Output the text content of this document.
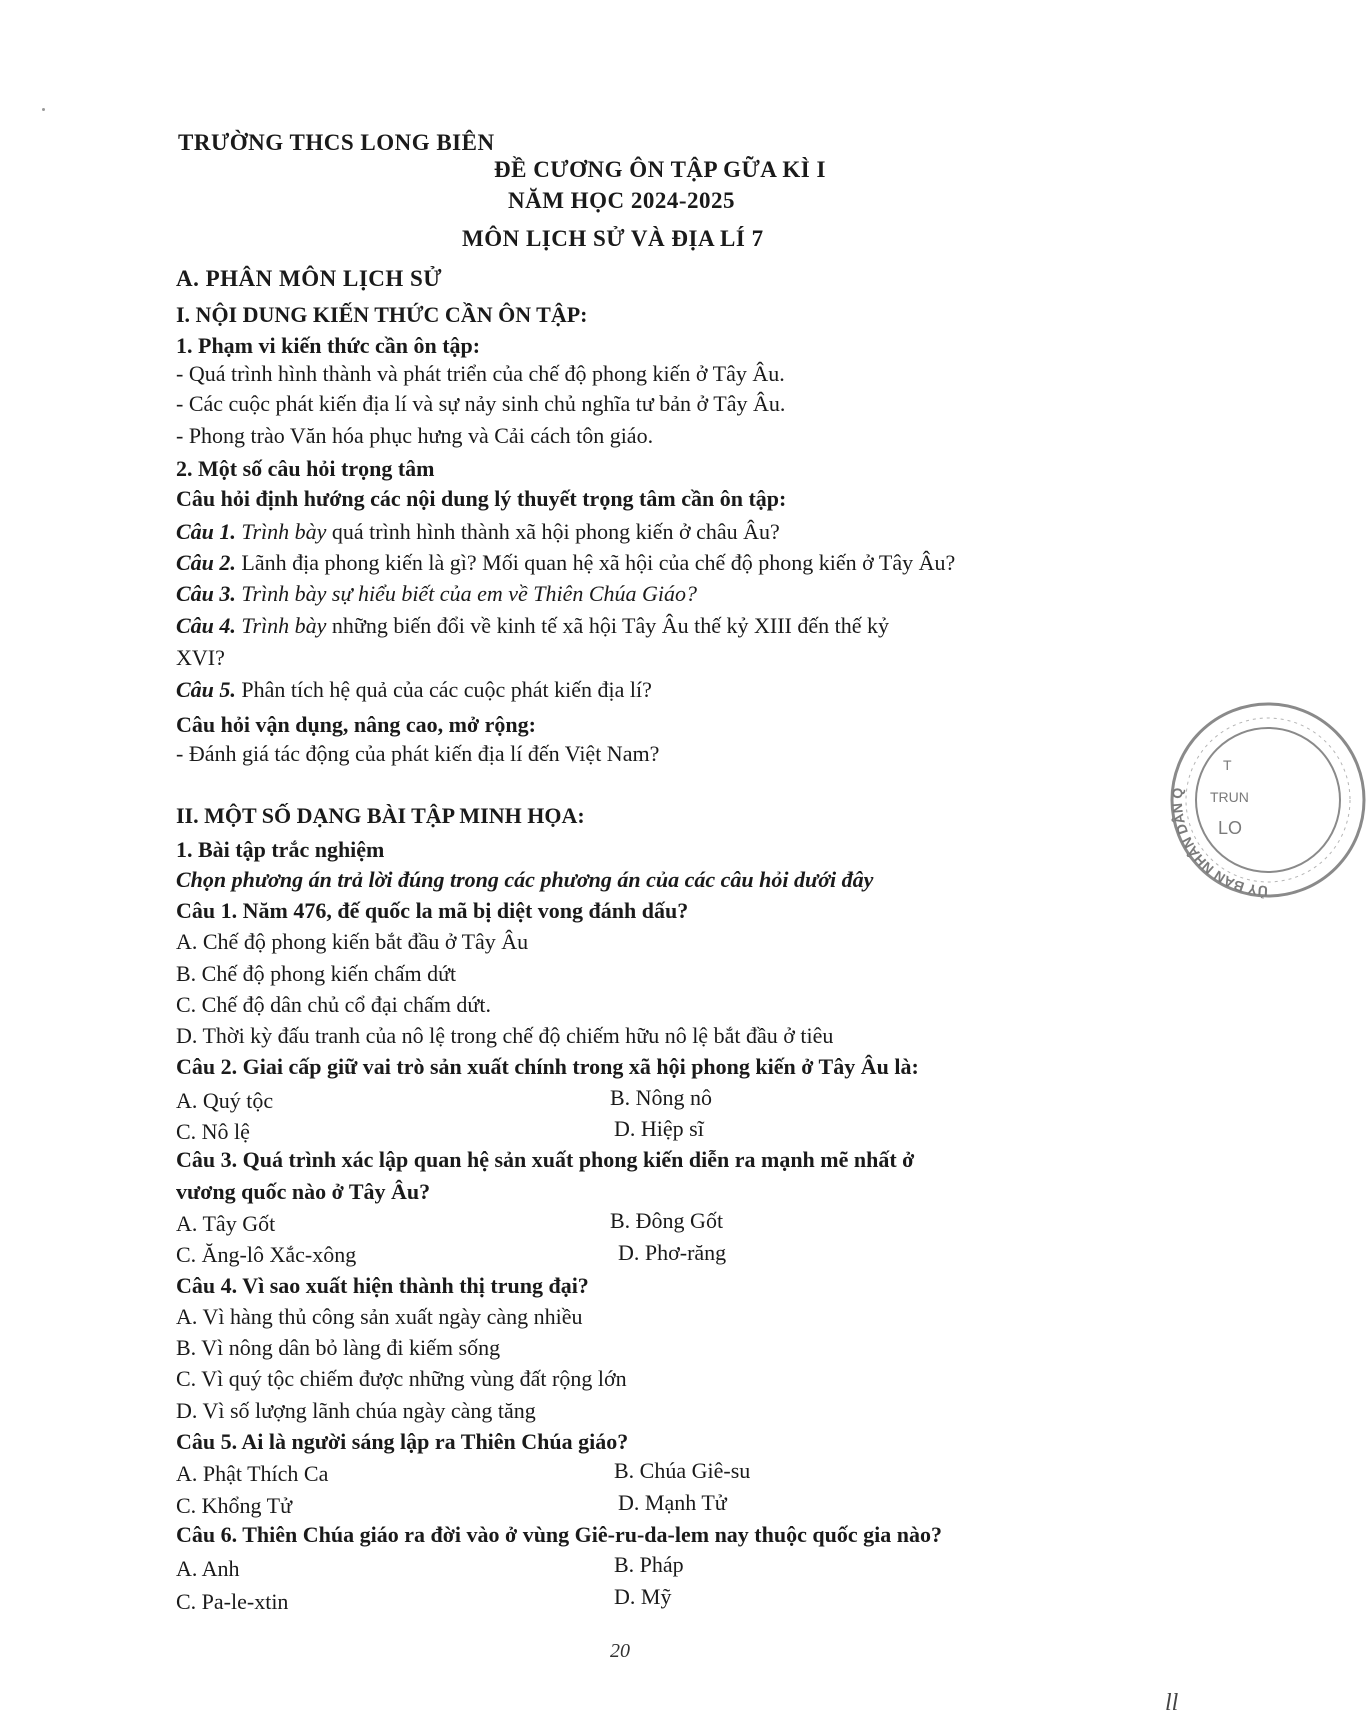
TRƯỜNG THCS LONG BIÊN
ĐỀ CƯƠNG ÔN TẬP GỮA KÌ I
NĂM HỌC 2024-2025
MÔN LỊCH SỬ VÀ ĐỊA LÍ 7
A. PHÂN MÔN LỊCH SỬ
I. NỘI DUNG KIẾN THỨC CẦN ÔN TẬP:
1. Phạm vi kiến thức cần ôn tập:
- Quá trình hình thành và phát triển của chế độ phong kiến ở Tây Âu.
- Các cuộc phát kiến địa lí và sự nảy sinh chủ nghĩa tư bản ở Tây Âu.
- Phong trào Văn hóa phục hưng và Cải cách tôn giáo.
2. Một số câu hỏi trọng tâm
Câu hỏi định hướng các nội dung lý thuyết trọng tâm cần ôn tập:
Câu 1. Trình bày quá trình hình thành xã hội phong kiến ở châu Âu?
Câu 2. Lãnh địa phong kiến là gì? Mối quan hệ xã hội của chế độ phong kiến ở Tây Âu?
Câu 3. Trình bày sự hiểu biết của em về Thiên Chúa Giáo?
Câu 4. Trình bày những biến đổi về kinh tế xã hội Tây Âu thế kỷ XIII đến thế kỷ
XVI?
Câu 5. Phân tích hệ quả của các cuộc phát kiến địa lí?
Câu hỏi vận dụng, nâng cao, mở rộng:
- Đánh giá tác động của phát kiến địa lí đến Việt Nam?
II. MỘT SỐ DẠNG BÀI TẬP MINH HỌA:
1. Bài tập trắc nghiệm
Chọn phương án trả lời đúng trong các phương án của các câu hỏi dưới đây
Câu 1. Năm 476, đế quốc la mã bị diệt vong đánh dấu?
A. Chế độ phong kiến bắt đầu ở Tây Âu
B. Chế độ phong kiến chấm dứt
C. Chế độ dân chủ cổ đại chấm dứt.
D. Thời kỳ đấu tranh của nô lệ trong chế độ chiếm hữu nô lệ bắt đầu ở tiêu
Câu 2. Giai cấp giữ vai trò sản xuất chính trong xã hội phong kiến ở Tây Âu là:
A. Quý tộc	B. Nông nô
C. Nô lệ	D. Hiệp sĩ
Câu 3. Quá trình xác lập quan hệ sản xuất phong kiến diễn ra mạnh mẽ nhất ở
vương quốc nào ở Tây Âu?
A. Tây Gốt	B. Đông Gốt
C. Ăng-lô Xắc-xông	D. Phơ-răng
Câu 4. Vì sao xuất hiện thành thị trung đại?
A. Vì hàng thủ công sản xuất ngày càng nhiều
B. Vì nông dân bỏ làng đi kiếm sống
C. Vì quý tộc chiếm được những vùng đất rộng lớn
D. Vì số lượng lãnh chúa ngày càng tăng
Câu 5. Ai là người sáng lập ra Thiên Chúa giáo?
A. Phật Thích Ca	B. Chúa Giê-su
C. Khổng Tử	D. Mạnh Tử
Câu 6. Thiên Chúa giáo ra đời vào ở vùng Giê-ru-da-lem nay thuộc quốc gia nào?
A. Anh	B. Pháp
C. Pa-le-xtin	D. Mỹ
ỦY BAN NHÂN DÂN Q
T
TRUN
LO
20
ll
